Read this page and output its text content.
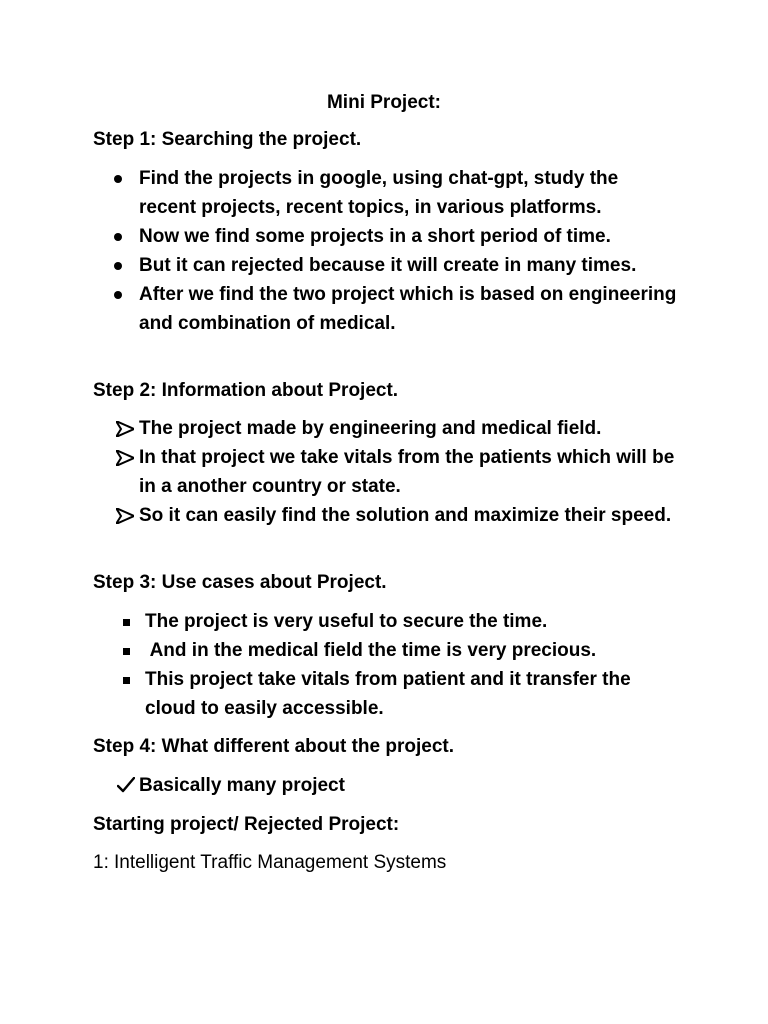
Mini Project:
Step 1: Searching the project.
Find the projects in google, using chat-gpt, study the recent projects, recent topics, in various platforms.
Now we find some projects in a short period of time.
But it can rejected because it will create in many times.
After we find the two project which is based on engineering and combination of medical.
Step 2: Information about Project.
The project made by engineering and medical field.
In that project we take vitals from the patients which will be in a another country or state.
So it can easily find the solution and maximize their speed.
Step 3: Use cases about Project.
The project is very useful to secure the time.
And in the medical field the time is very precious.
This project take vitals from patient and it transfer the cloud to easily accessible.
Step 4: What different about the project.
Basically many project
Starting project/ Rejected Project:
1: Intelligent Traffic Management Systems
